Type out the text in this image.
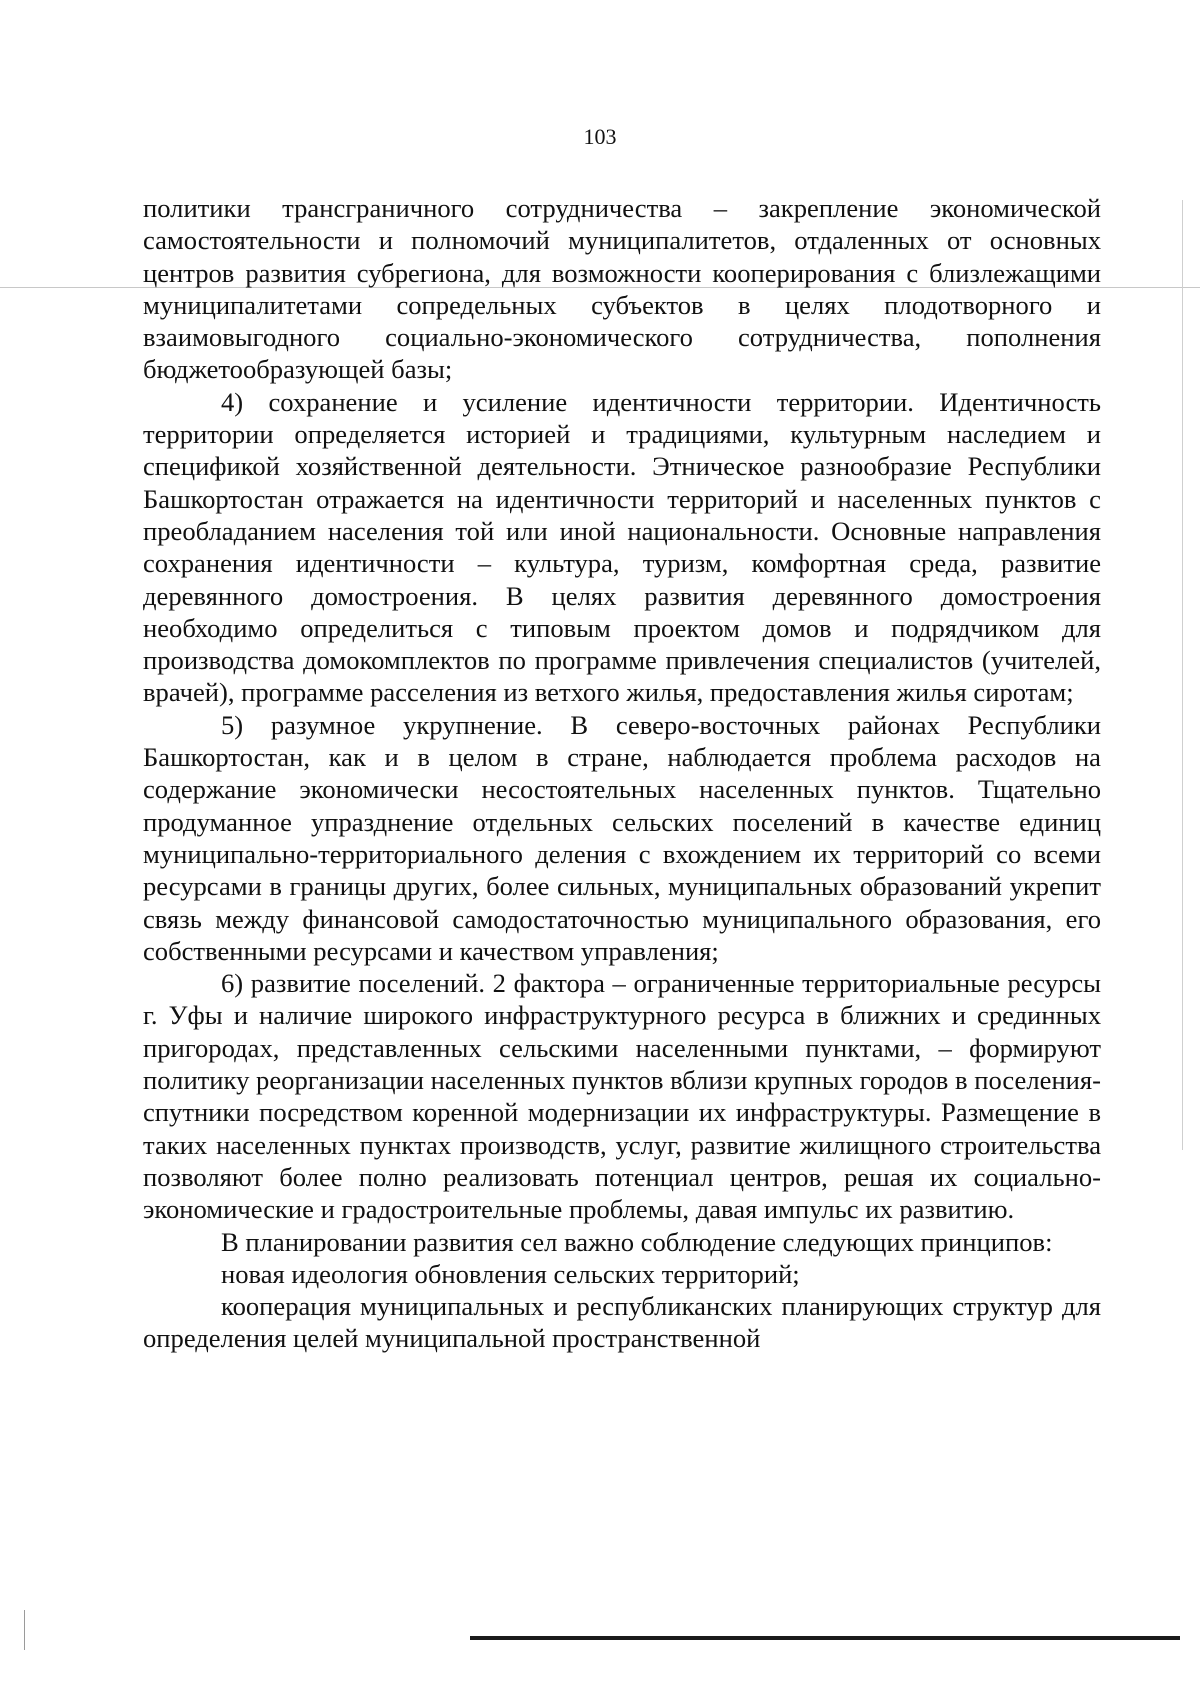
103

политики трансграничного сотрудничества – закрепление экономической самостоятельности и полномочий муниципалитетов, отдаленных от основных центров развития субрегиона, для возможности кооперирования с близлежащими муниципалитетами сопредельных субъектов в целях плодотворного и взаимовыгодного социально-экономического сотрудничества, пополнения бюджетообразующей базы;

4) сохранение и усиление идентичности территории. Идентичность территории определяется историей и традициями, культурным наследием и спецификой хозяйственной деятельности. Этническое разнообразие Республики Башкортостан отражается на идентичности территорий и населенных пунктов с преобладанием населения той или иной национальности. Основные направления сохранения идентичности – культура, туризм, комфортная среда, развитие деревянного домостроения. В целях развития деревянного домостроения необходимо определиться с типовым проектом домов и подрядчиком для производства домокомплектов по программе привлечения специалистов (учителей, врачей), программе расселения из ветхого жилья, предоставления жилья сиротам;

5) разумное укрупнение. В северо-восточных районах Республики Башкортостан, как и в целом в стране, наблюдается проблема расходов на содержание экономически несостоятельных населенных пунктов. Тщательно продуманное упразднение отдельных сельских поселений в качестве единиц муниципально-территориального деления с вхождением их территорий со всеми ресурсами в границы других, более сильных, муниципальных образований укрепит связь между финансовой самодостаточностью муниципального образования, его собственными ресурсами и качеством управления;

6) развитие поселений. 2 фактора – ограниченные территориальные ресурсы г. Уфы и наличие широкого инфраструктурного ресурса в ближних и срединных пригородах, представленных сельскими населенными пунктами, – формируют политику реорганизации населенных пунктов вблизи крупных городов в поселения-спутники посредством коренной модернизации их инфраструктуры. Размещение в таких населенных пунктах производств, услуг, развитие жилищного строительства позволяют более полно реализовать потенциал центров, решая их социально-экономические и градостроительные проблемы, давая импульс их развитию.

В планировании развития сел важно соблюдение следующих принципов:

новая идеология обновления сельских территорий;

кооперация муниципальных и республиканских планирующих структур для определения целей муниципальной пространственной
